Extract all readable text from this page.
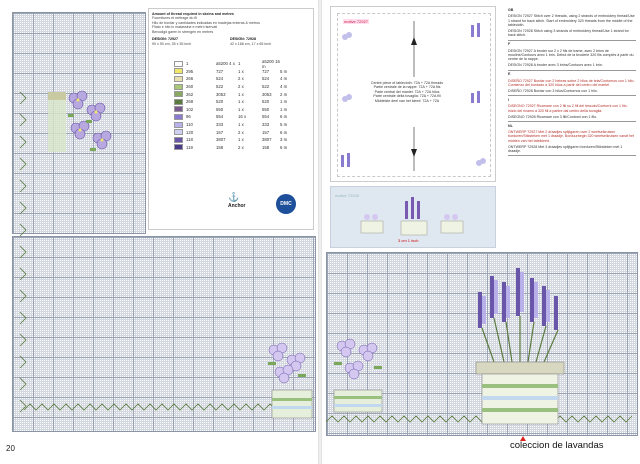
Amount of thread required in skeins and metres
Fournitures et métrage du fil
Hilo de bordar y cantidades indicadas en madejas enteras & metros
Filato e hilo in matassine e metri riservati
Benodigd garen in strengen en metres
DESIGN: 72927
90 x 90 cm, 35 x 35 inch
DESIGN: 72928
42 x 168 cm, 17 x 65 inch
1	a5200 4 x 1	a5200 16 m
295	727	1 x	727	5 m
266	524	2 x	524	4 m
260	522	2 x	522	4 m
262	3053	1 x	3053	2 m
268	520	1 x	520	1 m
102	550	1 x	550	1 m
96	554	16 x	554	6 m
110	333	1 x	333	5 m
120	157	2 x	157	6 m
118	3807	1 x	3807	3 m
119	158	2 x	158	6 m
⚓ Anchor	DMC
20	coleccion de lavandas
motive 72927
Centre piece of tablecloth: 72A + 72A threads
Partie centrale de la nappe: 72A + 72A fils
Parte central del mantel: 72A + 72A hilos
Parte centrale della tovaglia: 72A + 72A fili
Middelste deel van het kleed: 72A + 72A
motive 72928
3 cm 1 inch

GB

DESIGN 72927 Stitch over 2 threads, using 2 strands of embroidery thread/Use 1 strand for back stitch. Start of embroidery 320 threads from the middle of the tablecloth.

DESIGN 72928 Stitch using 3 strands of embroidery thread/Use 1 strand for back stitch.

F

DESIGN 72927 A broder sur 2 x 2 fils de trame, avec 2 brins de mouliné/Contours avec 1 brin. Début de la broderie 320 fils comptés à partir du centre de la nappe.

DESIGN 72928 A broder avec 3 brins/Contours avec 1 brin.

E

DISEÑO 72927 Bordar con 2 hebras sobre 2 hilos de tela/Contornos con 1 hilo. Comienzo del bordado a 320 hilos a partir del centro del mantel.

DISEÑO 72928 Bordar con 3 hilos/Contornos con 1 hilo.

I

DISEGNO 72927 Ricamare con 2 fili su 2 fili del tessuto/Contorni con 1 filo. Inizio del ricamo a 320 fili a partire dal centro della tovaglia.

DISEGNO 72928 Ricamare con 3 fili/Contorni con 1 filo.

NL

ONTWERP 72927 Met 2 draadjes splijtgaren over 2 weefselkruisen borduren/Stiksteken met 1 draadje. Borduurbegin 320 weefselkruisen vanaf het midden van het tafelkleed.

ONTWERP 72928 Met 3 draadjes splijtgaren borduren/Stiksteken met 1 draadje.
